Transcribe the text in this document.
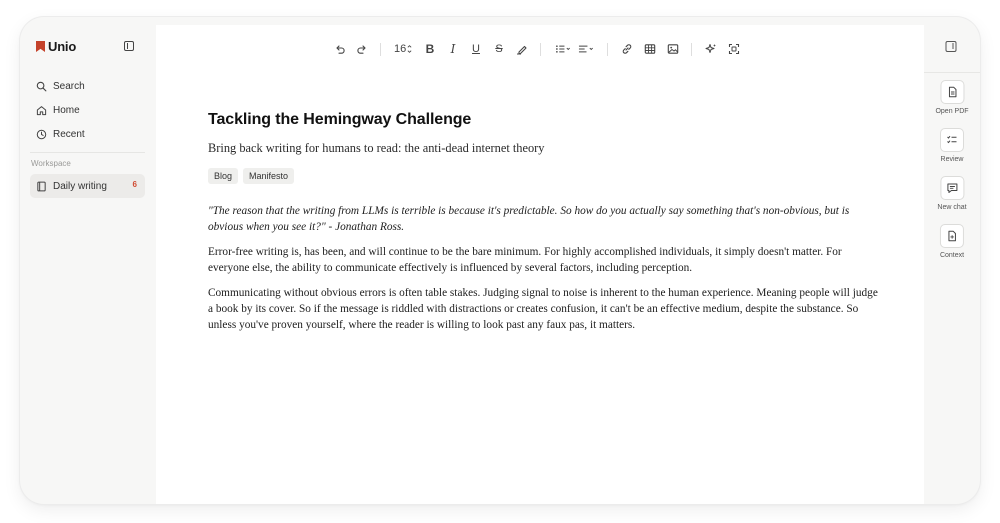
Unio
Search
Home
Recent
Workspace
Daily writing	6
16 B I U S
Tackling the Hemingway Challenge

Bring back writing for humans to read: the anti-dead internet theory

Blog	Manifesto

"The reason that the writing from LLMs is terrible is because it's predictable. So how do you actually say something that's non-obvious, but is obvious when you see it?" - Jonathan Ross.

Error-free writing is, has been, and will continue to be the bare minimum. For highly accomplished individuals, it simply doesn't matter. For everyone else, the ability to communicate effectively is influenced by several factors, including perception.

Communicating without obvious errors is often table stakes. Judging signal to noise is inherent to the human experience. Meaning people will judge a book by its cover. So if the message is riddled with distractions or creates confusion, it can't be an effective medium, despite the substance. So unless you've proven yourself, where the reader is willing to look past any faux pas, it matters.

Open PDF
Review
New chat
Context
